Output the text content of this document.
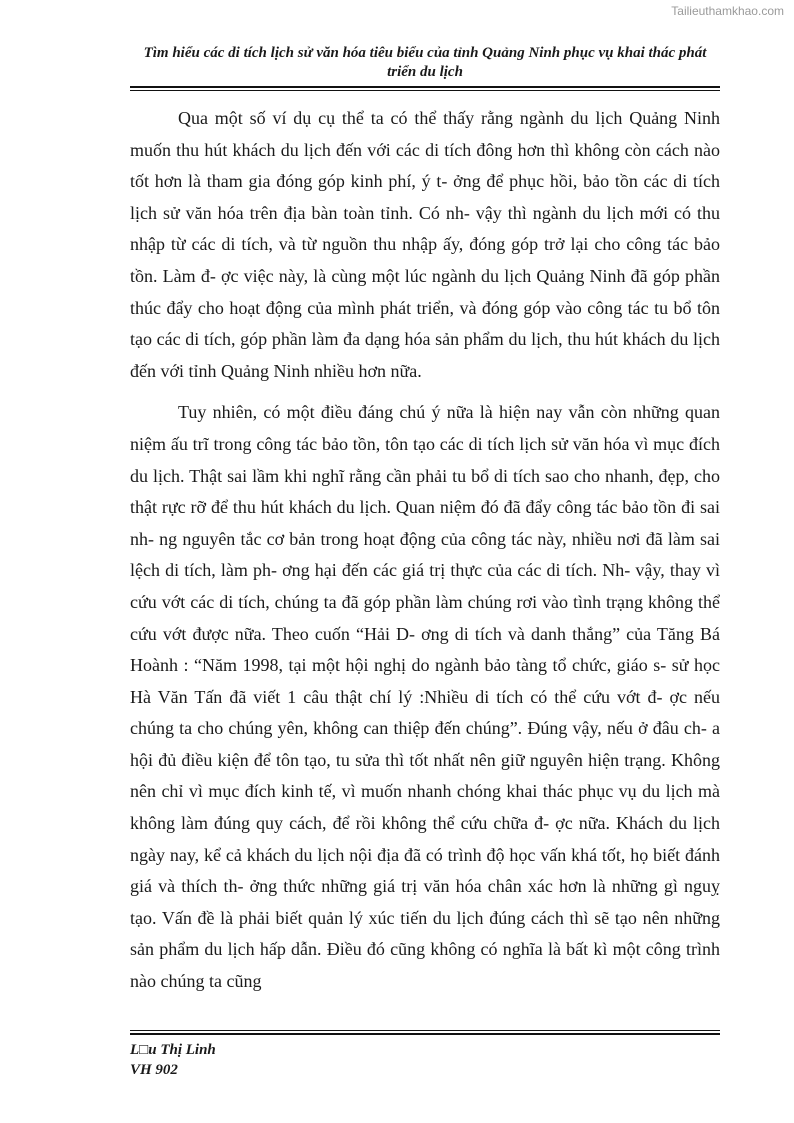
Tailieuthamkhao.com
Tìm hiểu các di tích lịch sử văn hóa tiêu biểu của tỉnh Quảng Ninh phục vụ khai thác phát triển du lịch

Qua một số ví dụ cụ thể ta có thể thấy rằng ngành du lịch Quảng Ninh muốn thu hút khách du lịch đến với các di tích đông hơn thì không còn cách nào tốt hơn là tham gia đóng góp kinh phí, ý t- ởng để phục hồi, bảo tồn các di tích lịch sử văn hóa trên địa bàn toàn tỉnh. Có nh- vậy thì ngành du lịch mới có thu nhập từ các di tích, và từ nguồn thu nhập ấy, đóng góp trở lại cho công tác bảo tồn. Làm đ- ợc việc này, là cùng một lúc ngành du lịch Quảng Ninh đã góp phần thúc đẩy cho hoạt động của mình phát triển, và đóng góp vào công tác tu bổ tôn tạo các di tích, góp phần làm đa dạng hóa sản phẩm du lịch, thu hút khách du lịch đến với tỉnh Quảng Ninh nhiều hơn nữa.

Tuy nhiên, có một điều đáng chú ý nữa là hiện nay vẫn còn những quan niệm ấu trĩ trong công tác bảo tồn, tôn tạo các di tích lịch sử văn hóa vì mục đích du lịch. Thật sai lầm khi nghĩ rằng cần phải tu bổ di tích sao cho nhanh, đẹp, cho thật rực rỡ để thu hút khách du lịch. Quan niệm đó đã đẩy công tác bảo tồn đi sai nh- ng nguyên tắc cơ bản trong hoạt động của công tác này, nhiều nơi đã làm sai lệch di tích, làm ph- ơng hại đến các giá trị thực của các di tích. Nh- vậy, thay vì cứu vớt các di tích, chúng ta đã góp phần làm chúng rơi vào tình trạng không thể cứu vớt được nữa. Theo cuốn “Hải D- ơng di tích và danh thắng” của Tăng Bá Hoành : “Năm 1998, tại một hội nghị do ngành bảo tàng tổ chức, giáo s- sử học Hà Văn Tấn đã viết 1 câu thật chí lý :Nhiều di tích có thể cứu vớt đ- ợc nếu chúng ta cho chúng yên, không can thiệp đến chúng”. Đúng vậy, nếu ở đâu ch- a hội đủ điều kiện để tôn tạo, tu sửa thì tốt nhất nên giữ nguyên hiện trạng. Không nên chỉ vì mục đích kinh tế, vì muốn nhanh chóng khai thác phục vụ du lịch mà không làm đúng quy cách, để rồi không thể cứu chữa đ- ợc nữa. Khách du lịch ngày nay, kể cả khách du lịch nội địa đã có trình độ học vấn khá tốt, họ biết đánh giá và thích th- ởng thức những giá trị văn hóa chân xác hơn là những gì nguỵ tạo. Vấn đề là phải biết quản lý xúc tiến du lịch đúng cách thì sẽ tạo nên những sản phẩm du lịch hấp dẫn. Điều đó cũng không có nghĩa là bất kì một công trình nào chúng ta cũng

L□u Thị Linh
VH 902
